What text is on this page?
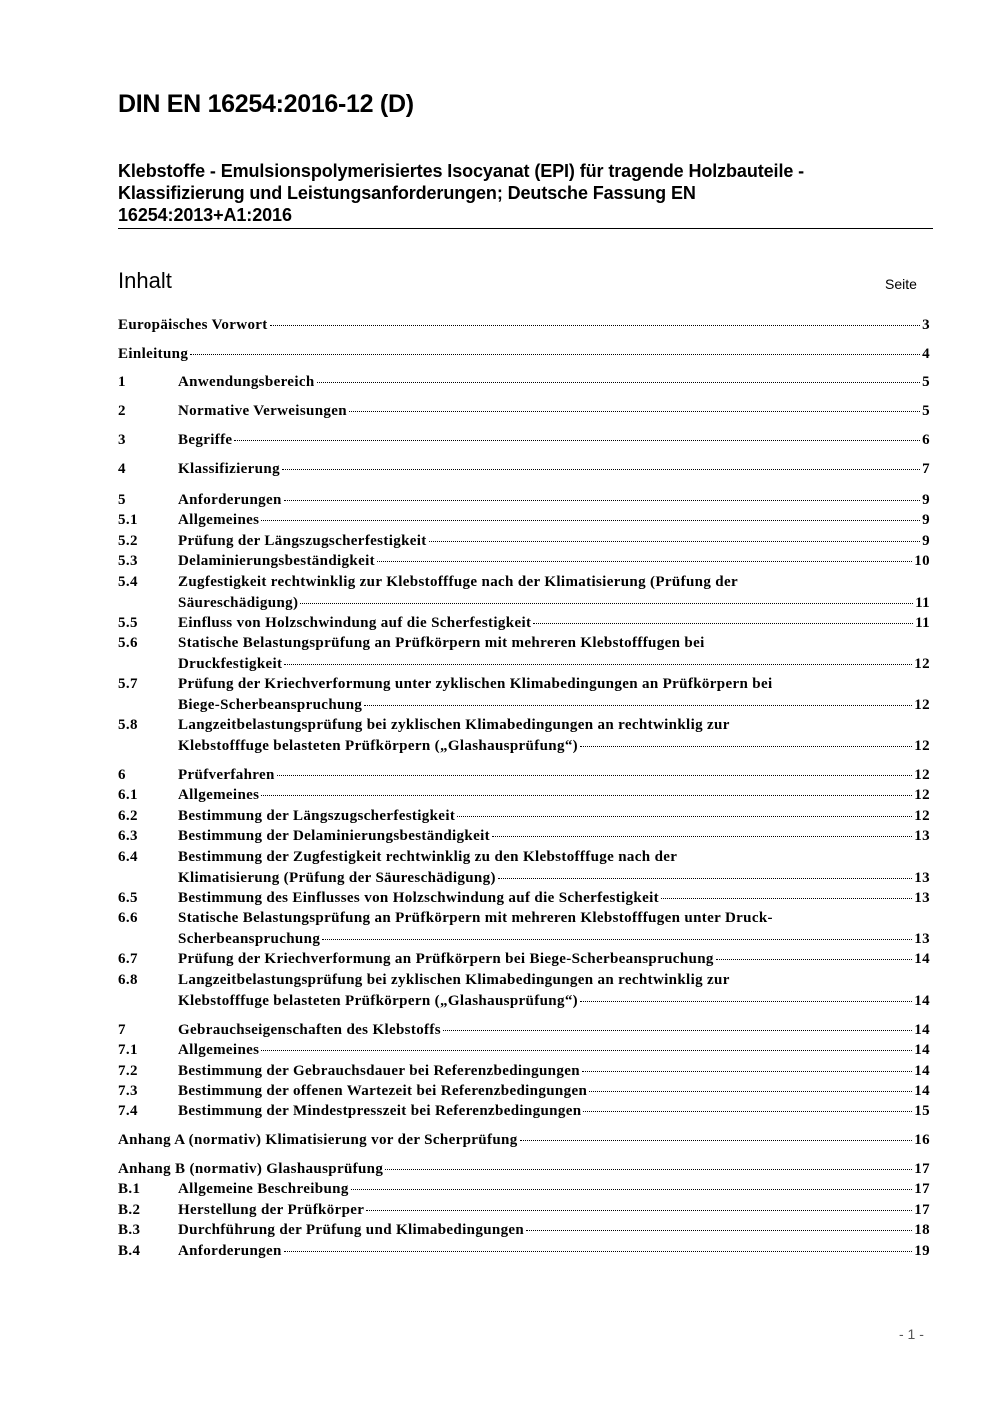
DIN EN 16254:2016-12 (D)
Klebstoffe - Emulsionspolymerisiertes Isocyanat (EPI) für tragende Holzbauteile -
Klassifizierung und Leistungsanforderungen; Deutsche Fassung EN
16254:2013+A1:2016
Inhalt	Seite
Europäisches Vorwort	3
Einleitung	4
1	Anwendungsbereich	5
2	Normative Verweisungen	5
3	Begriffe	6
4	Klassifizierung	7
5	Anforderungen	9
5.1	Allgemeines	9
5.2	Prüfung der Längszugscherfestigkeit	9
5.3	Delaminierungsbeständigkeit	10
5.4	Zugfestigkeit rechtwinklig zur Klebstofffuge nach der Klimatisierung (Prüfung der
Säureschädigung)	11
5.5	Einfluss von Holzschwindung auf die Scherfestigkeit	11
5.6	Statische Belastungsprüfung an Prüfkörpern mit mehreren Klebstofffugen bei
Druckfestigkeit	12
5.7	Prüfung der Kriechverformung unter zyklischen Klimabedingungen an Prüfkörpern bei
Biege-Scherbeanspruchung	12
5.8	Langzeitbelastungsprüfung bei zyklischen Klimabedingungen an rechtwinklig zur
Klebstofffuge belasteten Prüfkörpern („Glashausprüfung“)	12
6	Prüfverfahren	12
6.1	Allgemeines	12
6.2	Bestimmung der Längszugscherfestigkeit	12
6.3	Bestimmung der Delaminierungsbeständigkeit	13
6.4	Bestimmung der Zugfestigkeit rechtwinklig zu den Klebstofffuge nach der
Klimatisierung (Prüfung der Säureschädigung)	13
6.5	Bestimmung des Einflusses von Holzschwindung auf die Scherfestigkeit	13
6.6	Statische Belastungsprüfung an Prüfkörpern mit mehreren Klebstofffugen unter Druck-
Scherbeanspruchung	13
6.7	Prüfung der Kriechverformung an Prüfkörpern bei Biege-Scherbeanspruchung	14
6.8	Langzeitbelastungsprüfung bei zyklischen Klimabedingungen an rechtwinklig zur
Klebstofffuge belasteten Prüfkörpern („Glashausprüfung“)	14
7	Gebrauchseigenschaften des Klebstoffs	14
7.1	Allgemeines	14
7.2	Bestimmung der Gebrauchsdauer bei Referenzbedingungen	14
7.3	Bestimmung der offenen Wartezeit bei Referenzbedingungen	14
7.4	Bestimmung der Mindestpresszeit bei Referenzbedingungen	15
Anhang A (normativ) Klimatisierung vor der Scherprüfung	16
Anhang B (normativ) Glashausprüfung	17
B.1	Allgemeine Beschreibung	17
B.2	Herstellung der Prüfkörper	17
B.3	Durchführung der Prüfung und Klimabedingungen	18
B.4	Anforderungen	19
- 1 -
